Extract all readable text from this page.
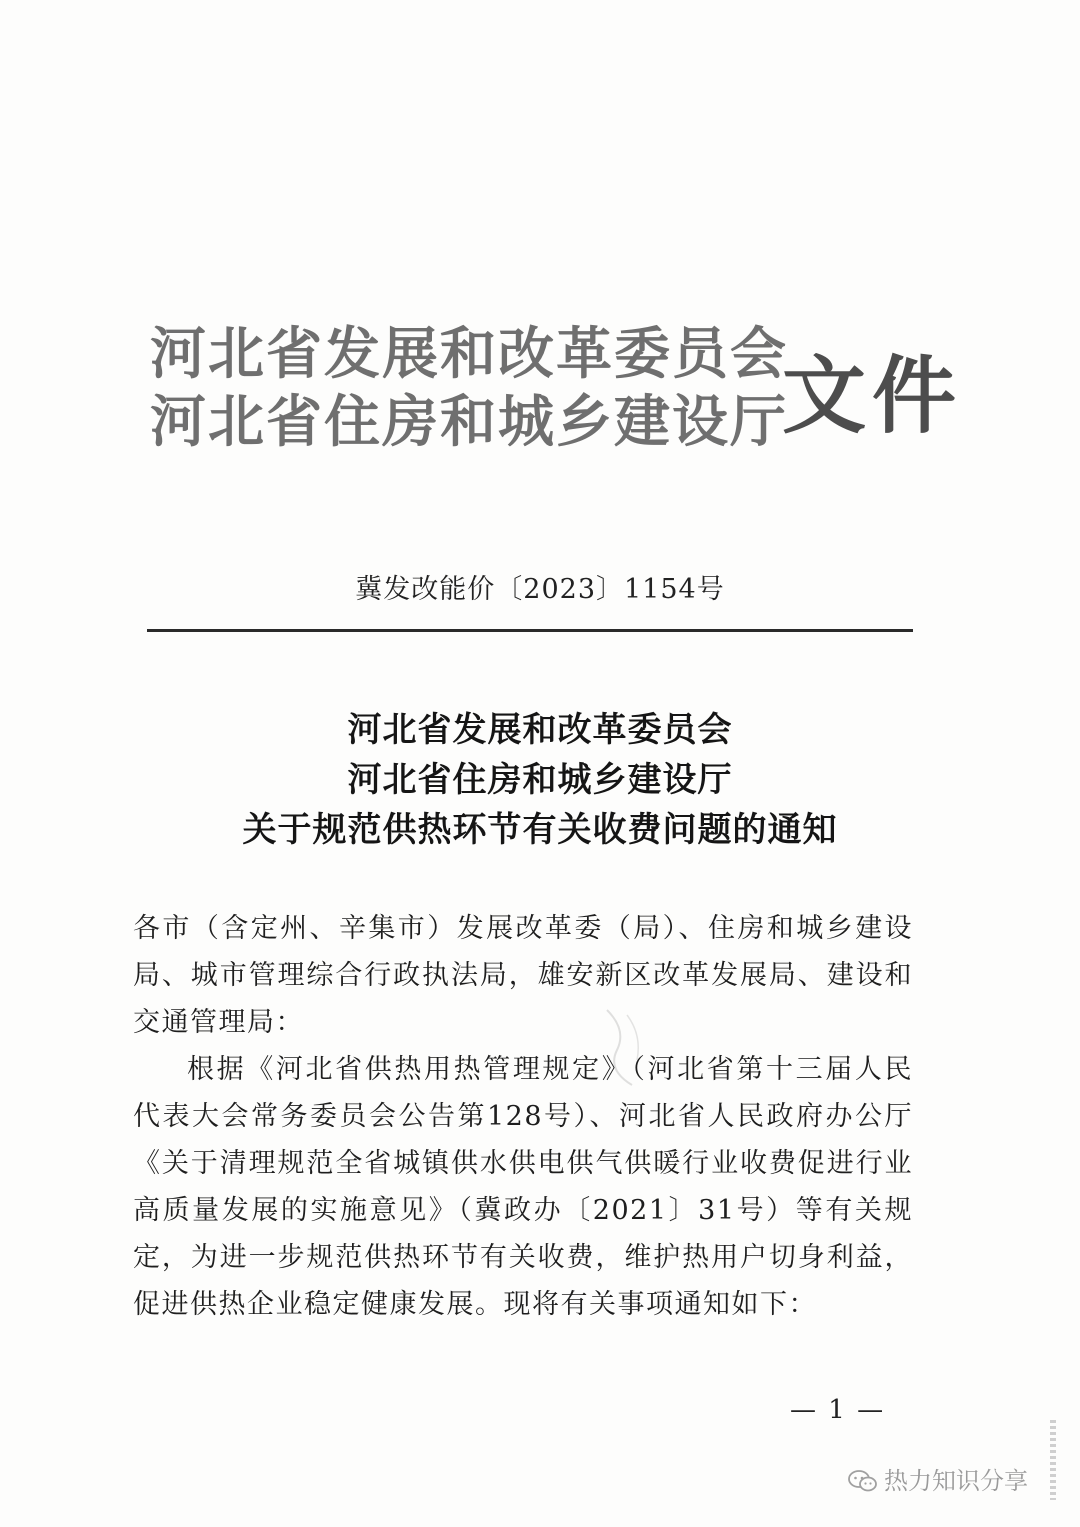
河北省发展和改革委员会
河北省住房和城乡建设厅
文件
冀发改能价〔2023〕1154号
河北省发展和改革委员会
河北省住房和城乡建设厅
关于规范供热环节有关收费问题的通知

各市（含定州、辛集市）发展改革委（局）、住房和城乡建设局、城市管理综合行政执法局，雄安新区改革发展局、建设和交通管理局：

根据《河北省供热用热管理规定》（河北省第十三届人民代表大会常务委员会公告第128号）、河北省人民政府办公厅《关于清理规范全省城镇供水供电供气供暖行业收费促进行业高质量发展的实施意见》（冀政办〔2021〕31号）等有关规定，为进一步规范供热环节有关收费，维护热用户切身利益，促进供热企业稳定健康发展。现将有关事项通知如下：

— 1 —
热力知识分享
